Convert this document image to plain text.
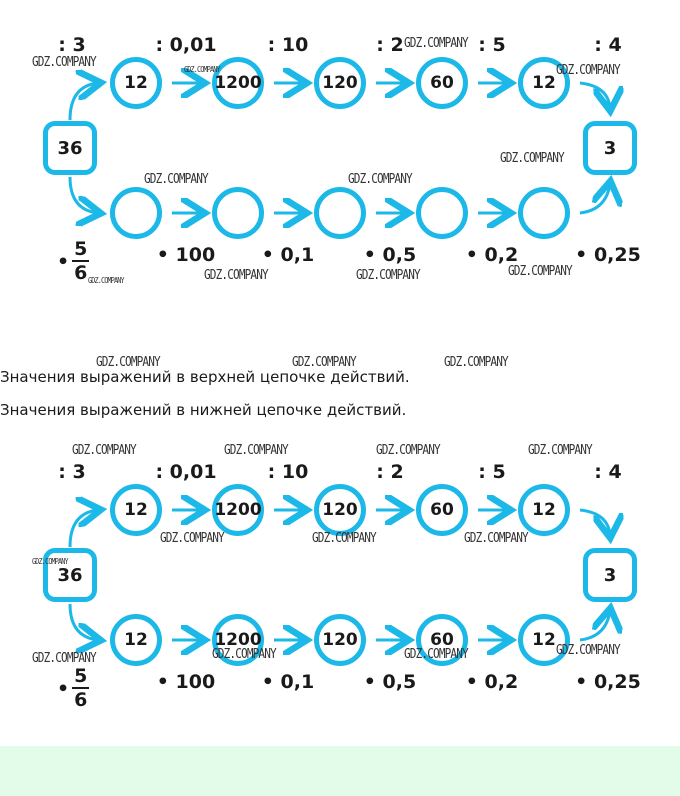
36	3
12	1200	120	60	12
: 3	: 0,01	: 10	: 2	: 5	: 4
• $\frac{5}{6}$	• 100 • 0,1	• 0,5	• 0,2	• 0,25
GDZ.COMPANY	GDZ.COMPANY
GDZ.COMPANY
GDZ.COMPANY
GDZ.COMPANY
GDZ.COMPANY	GDZ.COMPANY
GDZ.COMPANY	GDZ.COMPANY	GDZ.COMPANY
GDZ.COMPANY
Значения выражений в верхней цепочке действий.
Значения выражений в нижней цепочке действий.
GDZ.COMPANY	GDZ.COMPANY	GDZ.COMPANY
36	3
12	1200	120	60	12
12	1200	120	60	12
: 3	: 0,01	: 10	: 2	: 5	: 4
• $\frac{5}{6}$	• 100 • 0,1	• 0,5	• 0,2	• 0,25
GDZ.COMPANY	GDZ.COMPANY	GDZ.COMPANY	GDZ.COMPANY
GDZ.COMPANY	GDZ.COMPANY	GDZ.COMPANY
GDZ.COMPANY
GDZ.COMPANY	GDZ.COMPANY	GDZ.COMPANY	GDZ.COMPANY
